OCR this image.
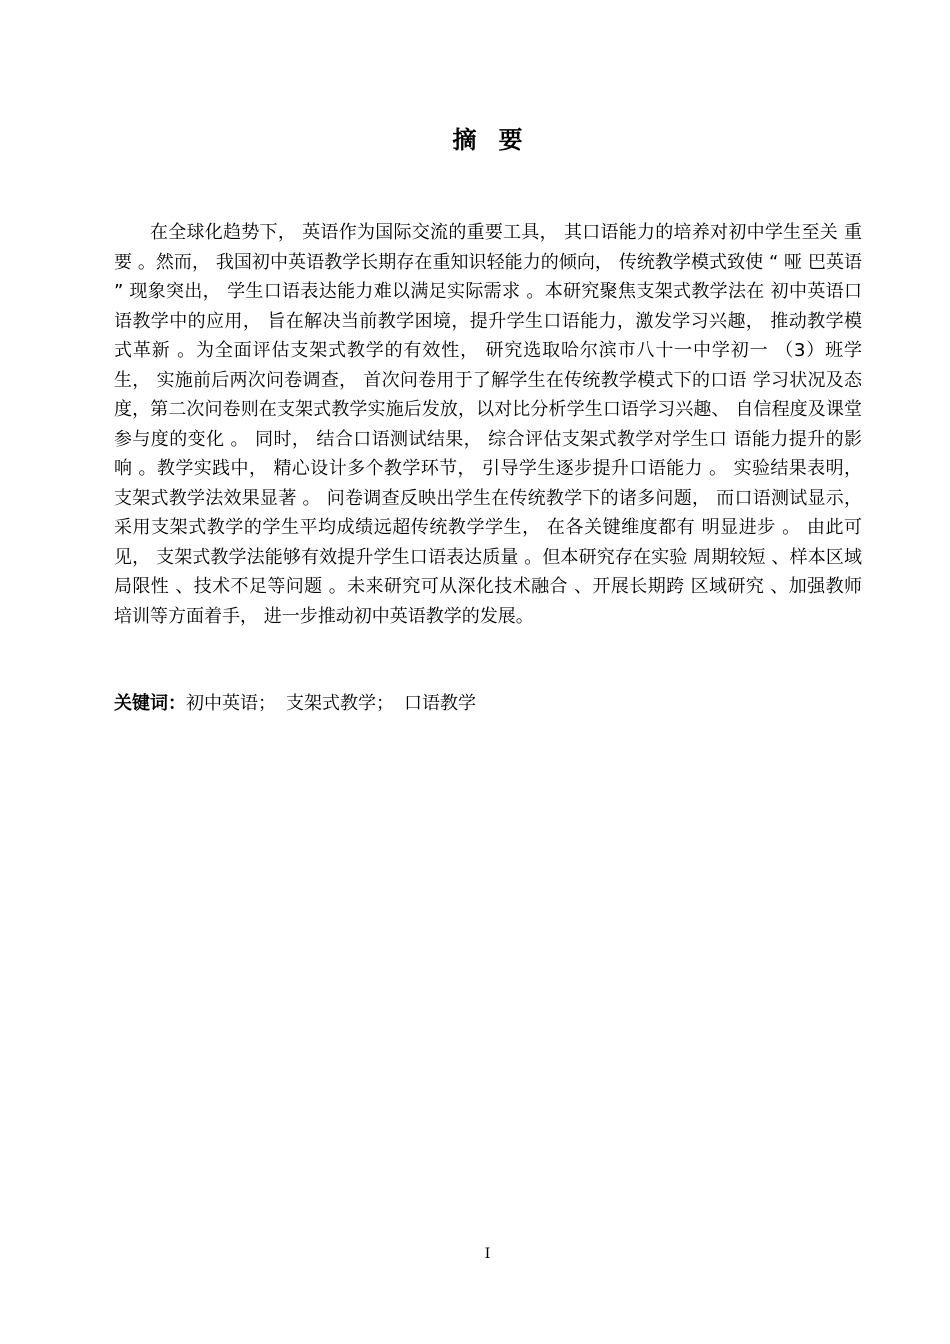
摘 要

在全球化趋势下， 英语作为国际交流的重要工具， 其口语能力的培养对初中学生至关 重要 。然而， 我国初中英语教学长期存在重知识轻能力的倾向， 传统教学模式致使 “ 哑 巴英语 ” 现象突出， 学生口语表达能力难以满足实际需求 。本研究聚焦支架式教学法在 初中英语口语教学中的应用， 旨在解决当前教学困境，提升学生口语能力，激发学习兴趣， 推动教学模式革新 。为全面评估支架式教学的有效性， 研究选取哈尔滨市八十一中学初一 （3）班学生， 实施前后两次问卷调查， 首次问卷用于了解学生在传统教学模式下的口语 学习状况及态度，第二次问卷则在支架式教学实施后发放，以对比分析学生口语学习兴趣、 自信程度及课堂参与度的变化 。 同时， 结合口语测试结果， 综合评估支架式教学对学生口 语能力提升的影响 。教学实践中， 精心设计多个教学环节， 引导学生逐步提升口语能力 。 实验结果表明， 支架式教学法效果显著 。 问卷调查反映出学生在传统教学下的诸多问题， 而口语测试显示， 采用支架式教学的学生平均成绩远超传统教学学生， 在各关键维度都有 明显进步 。 由此可见， 支架式教学法能够有效提升学生口语表达质量 。但本研究存在实验 周期较短 、样本区域局限性 、技术不足等问题 。未来研究可从深化技术融合 、开展长期跨 区域研究 、加强教师培训等方面着手， 进一步推动初中英语教学的发展。

关键词：初中英语； 支架式教学； 口语教学
I
